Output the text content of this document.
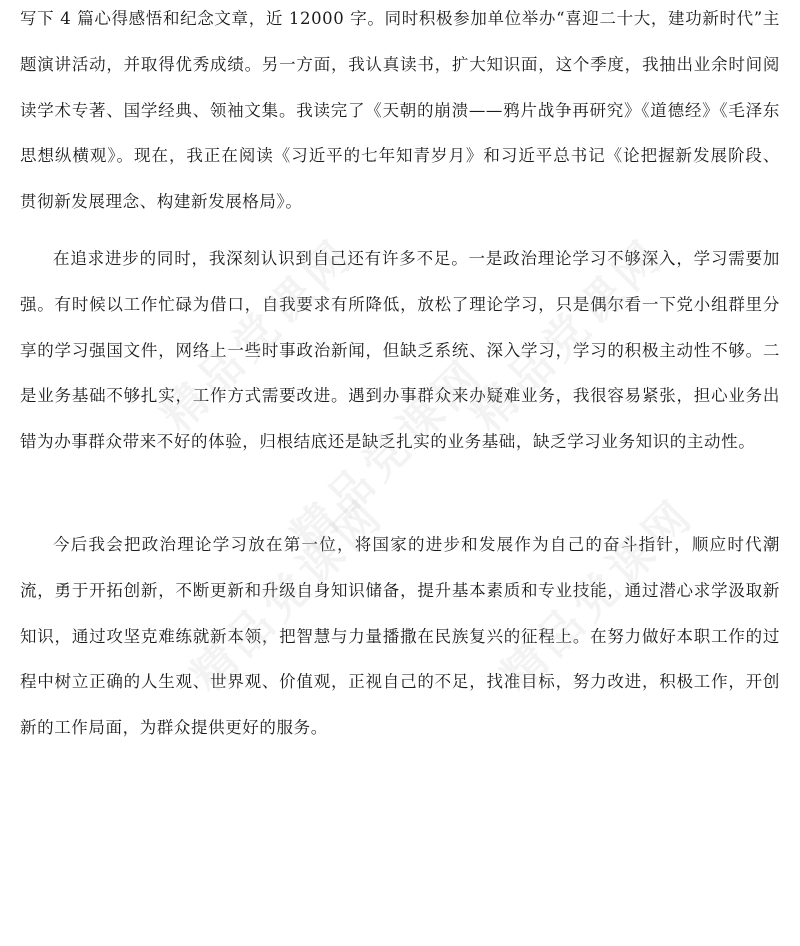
写下 4 篇心得感悟和纪念文章，近 12000 字。同时积极参加单位举办“喜迎二十大，建功新时代”主题演讲活动，并取得优秀成绩。另一方面，我认真读书，扩大知识面，这个季度，我抽出业余时间阅读学术专著、国学经典、领袖文集。我读完了《天朝的崩溃——鸦片战争再研究》《道德经》《毛泽东思想纵横观》。现在，我正在阅读《习近平的七年知青岁月》和习近平总书记《论把握新发展阶段、贯彻新发展理念、构建新发展格局》。

在追求进步的同时，我深刻认识到自己还有许多不足。一是政治理论学习不够深入，学习需要加强。有时候以工作忙碌为借口，自我要求有所降低，放松了理论学习，只是偶尔看一下党小组群里分享的学习强国文件，网络上一些时事政治新闻，但缺乏系统、深入学习，学习的积极主动性不够。二是业务基础不够扎实，工作方式需要改进。遇到办事群众来办疑难业务，我很容易紧张，担心业务出错为办事群众带来不好的体验，归根结底还是缺乏扎实的业务基础，缺乏学习业务知识的主动性。

今后我会把政治理论学习放在第一位，将国家的进步和发展作为自己的奋斗指针，顺应时代潮流，勇于开拓创新，不断更新和升级自身知识储备，提升基本素质和专业技能，通过潜心求学汲取新知识，通过攻坚克难练就新本领，把智慧与力量播撒在民族复兴的征程上。在努力做好本职工作的过程中树立正确的人生观、世界观、价值观，正视自己的不足，找准目标，努力改进，积极工作，开创新的工作局面，为群众提供更好的服务。

精品党课网 精品党课网
精品党课网
精品党课网 精品党课网
